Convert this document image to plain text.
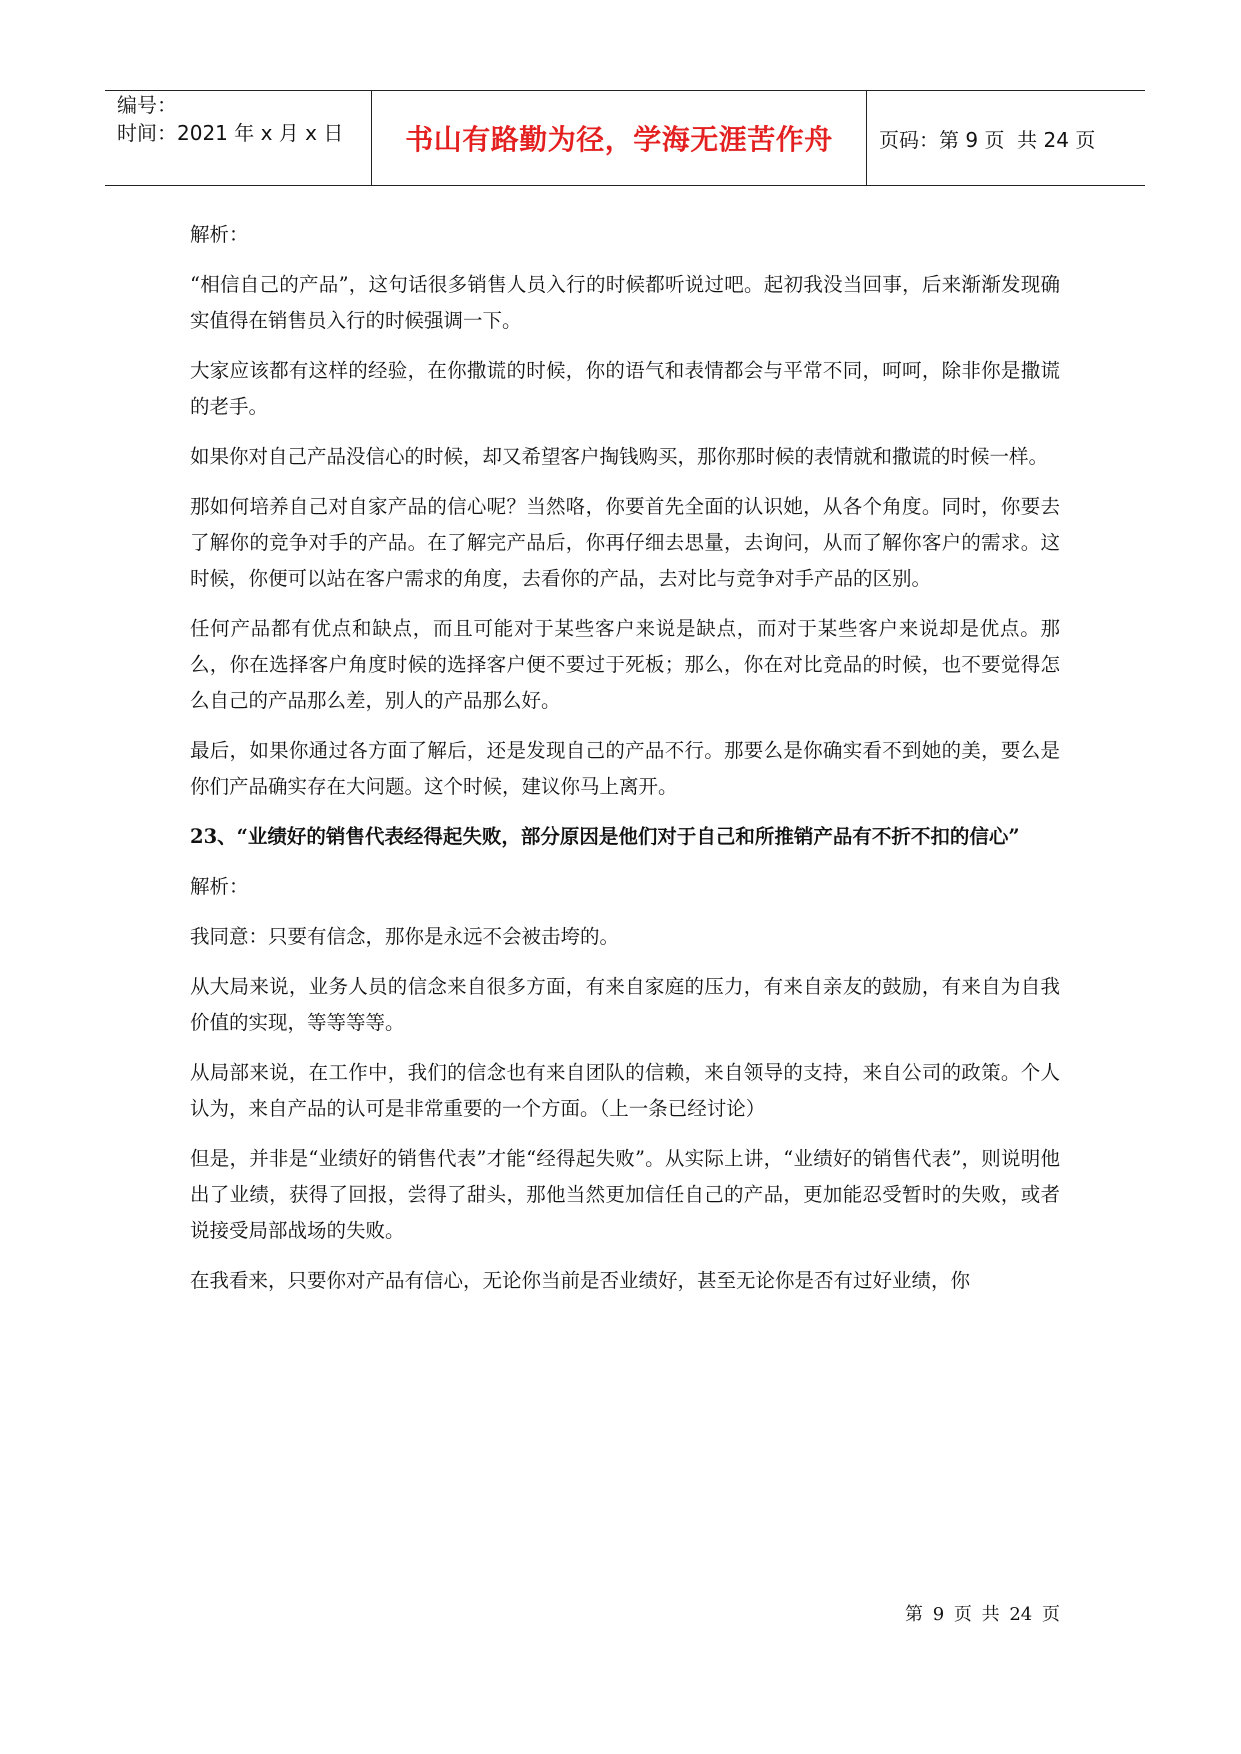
编号：
时间：2021 年 x 月 x 日 书山有路勤为径，学海无涯苦作舟 页码：第 9 页  共 24 页

解析：

“相信自己的产品”，这句话很多销售人员入行的时候都听说过吧。起初我没当回事，后来渐渐发现确实值得在销售员入行的时候强调一下。

大家应该都有这样的经验，在你撒谎的时候，你的语气和表情都会与平常不同，呵呵，除非你是撒谎的老手。

如果你对自己产品没信心的时候，却又希望客户掏钱购买，那你那时候的表情就和撒谎的时候一样。

那如何培养自己对自家产品的信心呢？当然咯，你要首先全面的认识她，从各个角度。同时，你要去了解你的竞争对手的产品。在了解完产品后，你再仔细去思量，去询问，从而了解你客户的需求。这时候，你便可以站在客户需求的角度，去看你的产品，去对比与竞争对手产品的区别。

任何产品都有优点和缺点，而且可能对于某些客户来说是缺点，而对于某些客户来说却是优点。那么，你在选择客户角度时候的选择客户便不要过于死板；那么，你在对比竞品的时候，也不要觉得怎么自己的产品那么差，别人的产品那么好。

最后，如果你通过各方面了解后，还是发现自己的产品不行。那要么是你确实看不到她的美，要么是你们产品确实存在大问题。这个时候，建议你马上离开。

23、“业绩好的销售代表经得起失败，部分原因是他们对于自己和所推销产品有不折不扣的信心”

解析：

我同意：只要有信念，那你是永远不会被击垮的。

从大局来说，业务人员的信念来自很多方面，有来自家庭的压力，有来自亲友的鼓励，有来自为自我价值的实现，等等等等。

从局部来说，在工作中，我们的信念也有来自团队的信赖，来自领导的支持，来自公司的政策。个人认为，来自产品的认可是非常重要的一个方面。（上一条已经讨论）

但是，并非是“业绩好的销售代表”才能“经得起失败”。从实际上讲，“业绩好的销售代表”，则说明他出了业绩，获得了回报，尝得了甜头，那他当然更加信任自己的产品，更加能忍受暂时的失败，或者说接受局部战场的失败。

在我看来，只要你对产品有信心，无论你当前是否业绩好，甚至无论你是否有过好业绩，你

第 9 页 共 24 页
